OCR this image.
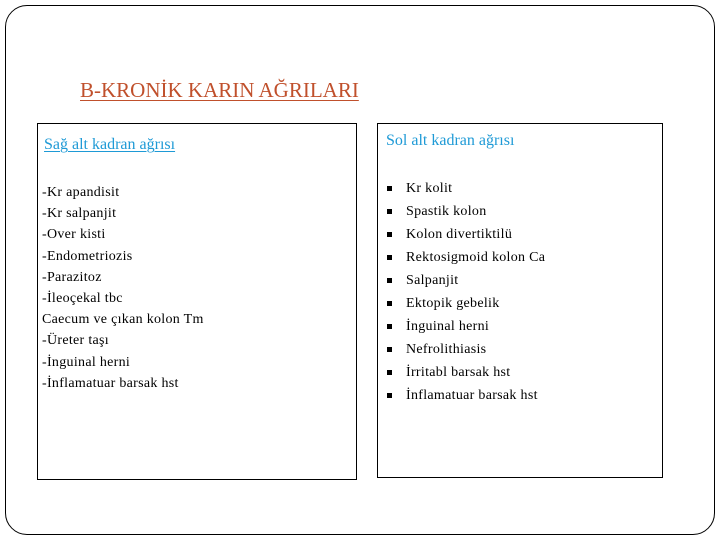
B-KRONİK KARIN AĞRILARI
Sağ alt kadran ağrısı
-Kr apandisit
-Kr salpanjit
-Over kisti
-Endometriozis
-Parazitoz
-İleoçekal tbc
Caecum ve çıkan kolon Tm
-Üreter taşı
-İnguinal herni
-İnflamatuar barsak hst
Sol alt kadran ağrısı
Kr kolit
Spastik kolon
Kolon divertiktilü
Rektosigmoid kolon Ca
Salpanjit
Ektopik gebelik
İnguinal herni
Nefrolithiasis
İrritabl barsak hst
İnflamatuar barsak hst
